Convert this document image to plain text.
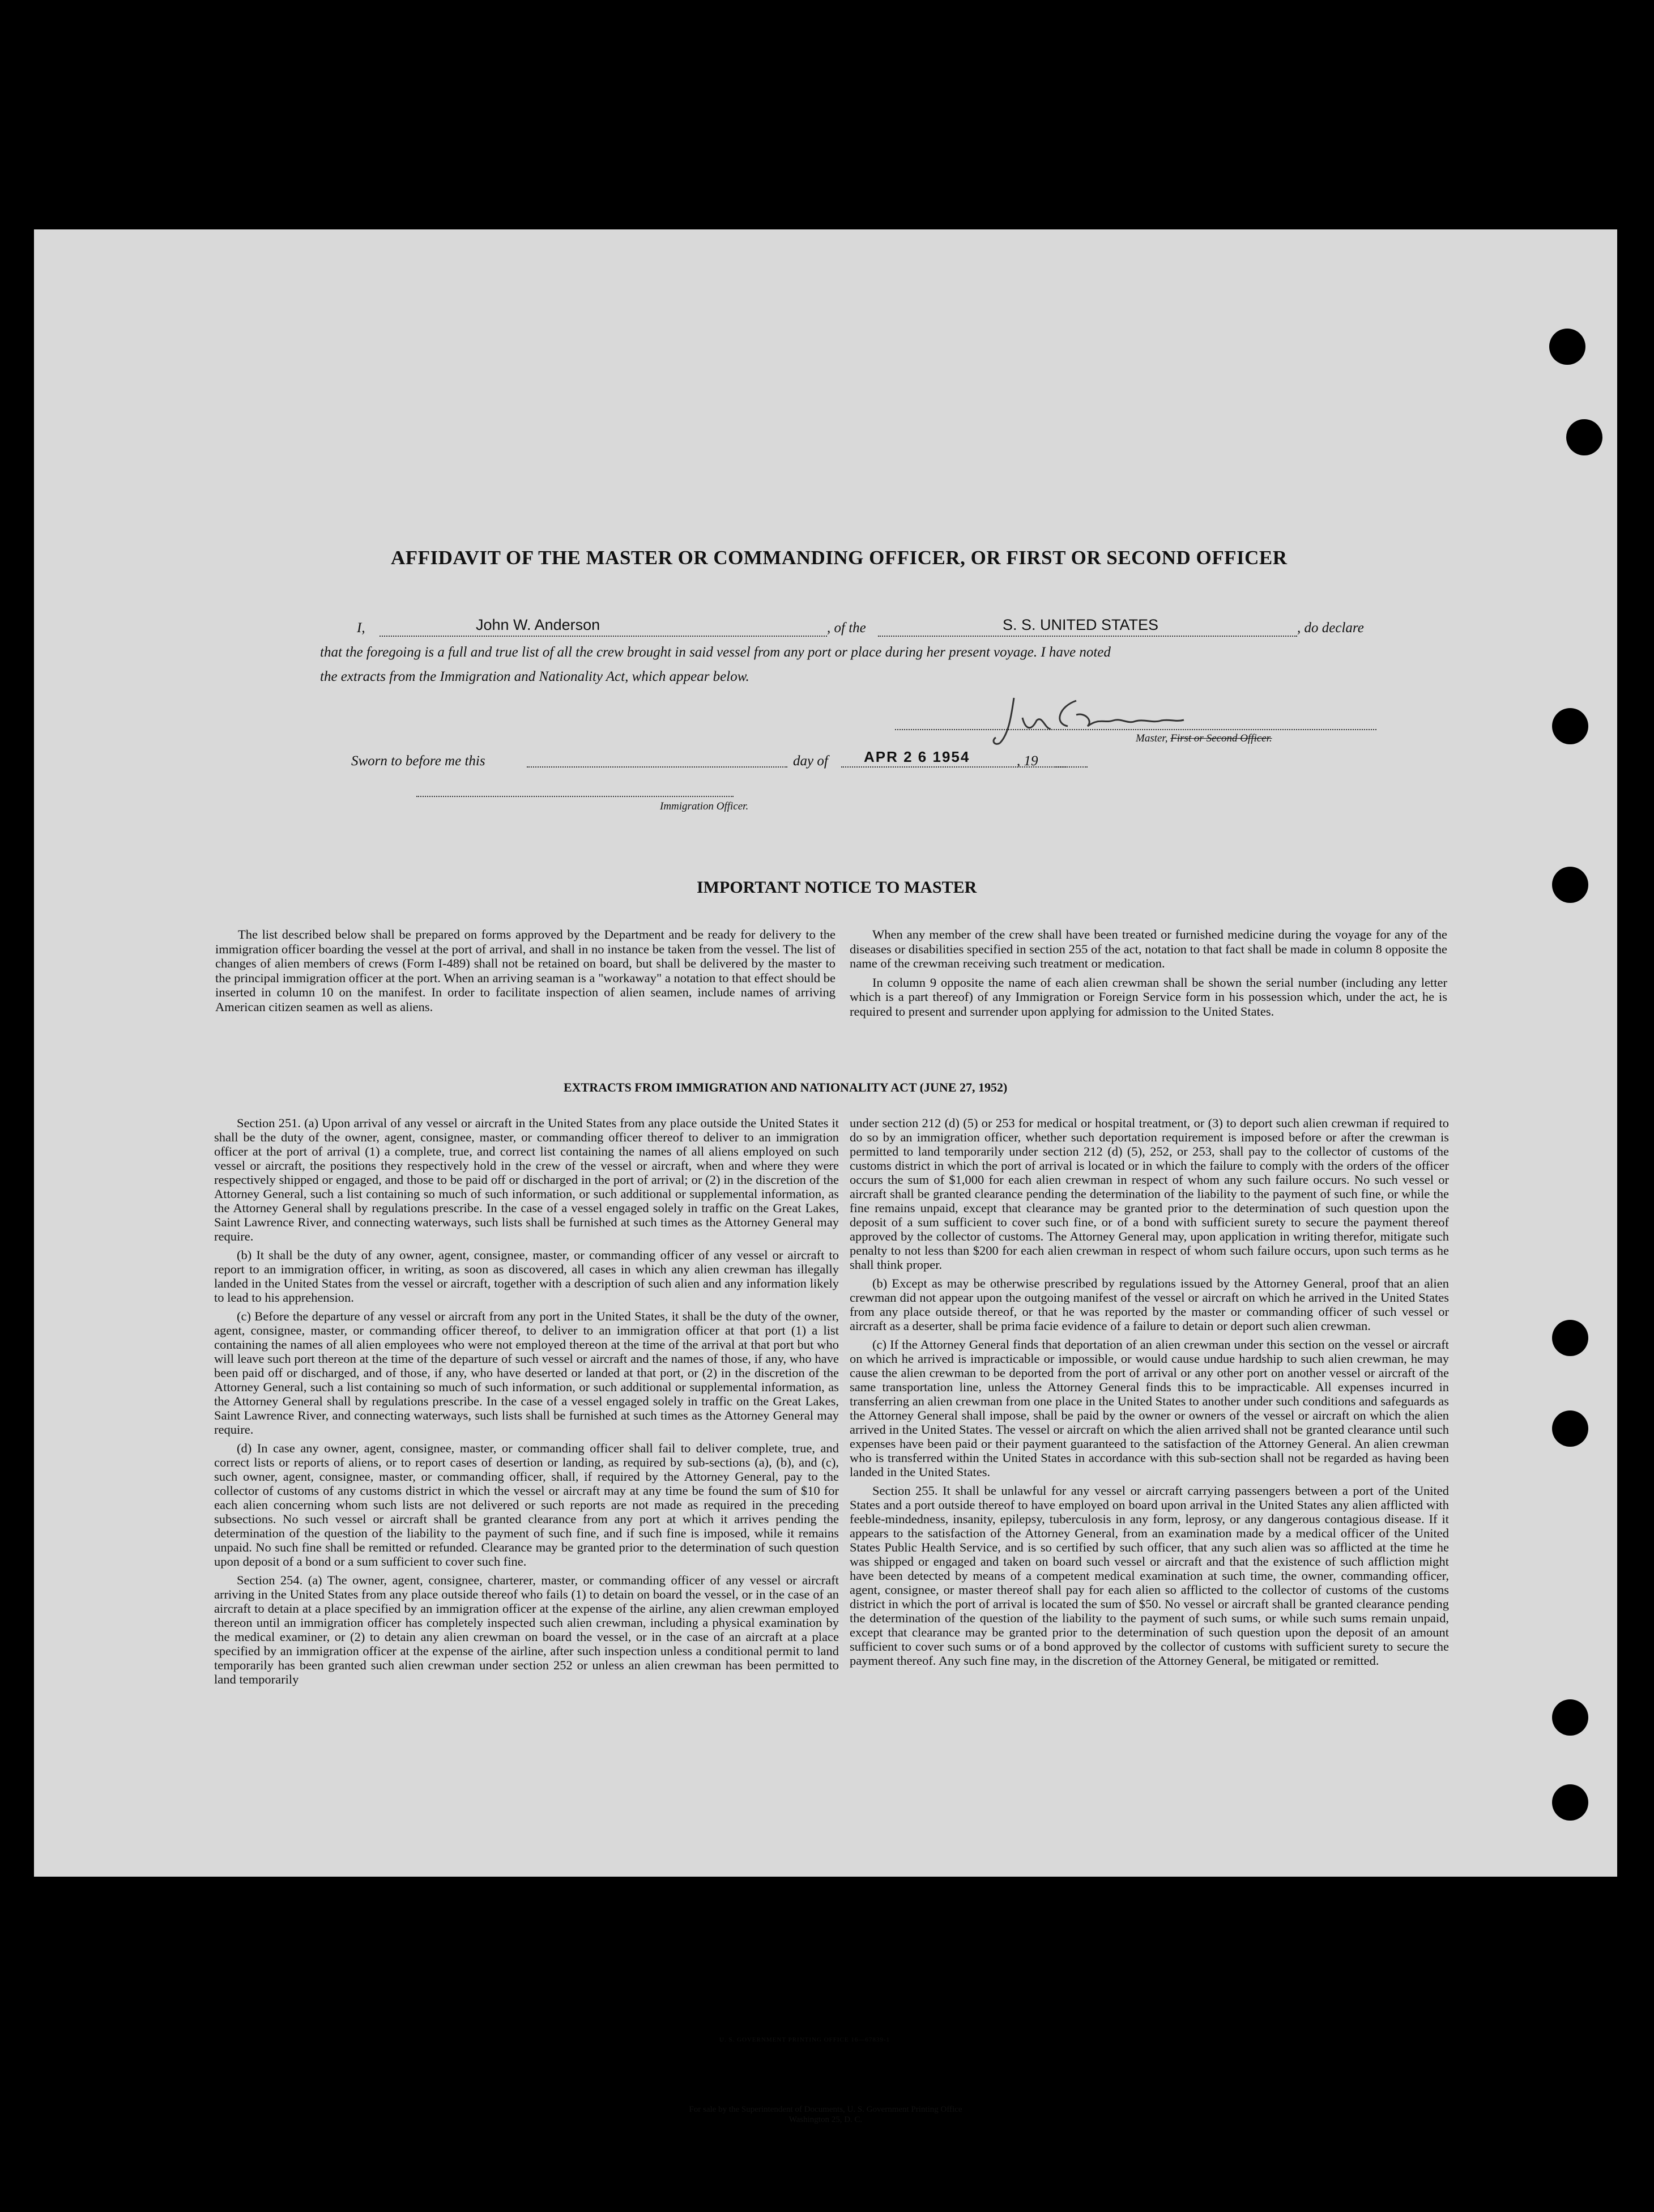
AFFIDAVIT OF THE MASTER OR COMMANDING OFFICER, OR FIRST OR SECOND OFFICER
I,	John W. Anderson	, of the	S. S. UNITED STATES	, do declare
that the foregoing is a full and true list of all the crew brought in said vessel from any port or place during her present voyage. I have noted
the extracts from the Immigration and Nationality Act, which appear below.
Master, First or Second Officer.
Sworn to before me this	day of APR 2 6 1954	, 19
Immigration Officer.
IMPORTANT NOTICE TO MASTER

The list described below shall be prepared on forms approved by the Department and be ready for delivery to the immigration officer boarding the vessel at the port of arrival, and shall in no instance be taken from the vessel. The list of changes of alien members of crews (Form I-489) shall not be retained on board, but shall be delivered by the master to the principal immigration officer at the port. When an arriving seaman is a "workaway" a notation to that effect should be inserted in column 10 on the manifest. In order to facilitate inspection of alien seamen, include names of arriving American citizen seamen as well as aliens.

When any member of the crew shall have been treated or furnished medicine during the voyage for any of the diseases or disabilities specified in section 255 of the act, notation to that fact shall be made in column 8 opposite the name of the crewman receiving such treatment or medication.

In column 9 opposite the name of each alien crewman shall be shown the serial number (including any letter which is a part thereof) of any Immigration or Foreign Service form in his possession which, under the act, he is required to present and surrender upon applying for admission to the United States.

EXTRACTS FROM IMMIGRATION AND NATIONALITY ACT (JUNE 27, 1952)

Section 251. (a) Upon arrival of any vessel or aircraft in the United States from any place outside the United States it shall be the duty of the owner, agent, consignee, master, or commanding officer thereof to deliver to an immigration officer at the port of arrival (1) a complete, true, and correct list containing the names of all aliens employed on such vessel or aircraft, the positions they respectively hold in the crew of the vessel or aircraft, when and where they were respectively shipped or engaged, and those to be paid off or discharged in the port of arrival; or (2) in the discretion of the Attorney General, such a list containing so much of such information, or such additional or supplemental information, as the Attorney General shall by regulations prescribe. In the case of a vessel engaged solely in traffic on the Great Lakes, Saint Lawrence River, and connecting waterways, such lists shall be furnished at such times as the Attorney General may require.

(b) It shall be the duty of any owner, agent, consignee, master, or commanding officer of any vessel or aircraft to report to an immigration officer, in writing, as soon as discovered, all cases in which any alien crewman has illegally landed in the United States from the vessel or aircraft, together with a description of such alien and any information likely to lead to his apprehension.

(c) Before the departure of any vessel or aircraft from any port in the United States, it shall be the duty of the owner, agent, consignee, master, or commanding officer thereof, to deliver to an immigration officer at that port (1) a list containing the names of all alien employees who were not employed thereon at the time of the arrival at that port but who will leave such port thereon at the time of the departure of such vessel or aircraft and the names of those, if any, who have been paid off or discharged, and of those, if any, who have deserted or landed at that port, or (2) in the discretion of the Attorney General, such a list containing so much of such information, or such additional or supplemental information, as the Attorney General shall by regulations prescribe. In the case of a vessel engaged solely in traffic on the Great Lakes, Saint Lawrence River, and connecting waterways, such lists shall be furnished at such times as the Attorney General may require.

(d) In case any owner, agent, consignee, master, or commanding officer shall fail to deliver complete, true, and correct lists or reports of aliens, or to report cases of desertion or landing, as required by sub-sections (a), (b), and (c), such owner, agent, consignee, master, or commanding officer, shall, if required by the Attorney General, pay to the collector of customs of any customs district in which the vessel or aircraft may at any time be found the sum of $10 for each alien concerning whom such lists are not delivered or such reports are not made as required in the preceding subsections. No such vessel or aircraft shall be granted clearance from any port at which it arrives pending the determination of the question of the liability to the payment of such fine, and if such fine is imposed, while it remains unpaid. No such fine shall be remitted or refunded. Clearance may be granted prior to the determination of such question upon deposit of a bond or a sum sufficient to cover such fine.

Section 254. (a) The owner, agent, consignee, charterer, master, or commanding officer of any vessel or aircraft arriving in the United States from any place outside thereof who fails (1) to detain on board the vessel, or in the case of an aircraft to detain at a place specified by an immigration officer at the expense of the airline, any alien crewman employed thereon until an immigration officer has completely inspected such alien crewman, including a physical examination by the medical examiner, or (2) to detain any alien crewman on board the vessel, or in the case of an aircraft at a place specified by an immigration officer at the expense of the airline, after such inspection unless a conditional permit to land temporarily has been granted such alien crewman under section 252 or unless an alien crewman has been permitted to land temporarily

under section 212 (d) (5) or 253 for medical or hospital treatment, or (3) to deport such alien crewman if required to do so by an immigration officer, whether such deportation requirement is imposed before or after the crewman is permitted to land temporarily under section 212 (d) (5), 252, or 253, shall pay to the collector of customs of the customs district in which the port of arrival is located or in which the failure to comply with the orders of the officer occurs the sum of $1,000 for each alien crewman in respect of whom any such failure occurs. No such vessel or aircraft shall be granted clearance pending the determination of the liability to the payment of such fine, or while the fine remains unpaid, except that clearance may be granted prior to the determination of such question upon the deposit of a sum sufficient to cover such fine, or of a bond with sufficient surety to secure the payment thereof approved by the collector of customs. The Attorney General may, upon application in writing therefor, mitigate such penalty to not less than $200 for each alien crewman in respect of whom such failure occurs, upon such terms as he shall think proper.

(b) Except as may be otherwise prescribed by regulations issued by the Attorney General, proof that an alien crewman did not appear upon the outgoing manifest of the vessel or aircraft on which he arrived in the United States from any place outside thereof, or that he was reported by the master or commanding officer of such vessel or aircraft as a deserter, shall be prima facie evidence of a failure to detain or deport such alien crewman.

(c) If the Attorney General finds that deportation of an alien crewman under this section on the vessel or aircraft on which he arrived is impracticable or impossible, or would cause undue hardship to such alien crewman, he may cause the alien crewman to be deported from the port of arrival or any other port on another vessel or aircraft of the same transportation line, unless the Attorney General finds this to be impracticable. All expenses incurred in transferring an alien crewman from one place in the United States to another under such conditions and safeguards as the Attorney General shall impose, shall be paid by the owner or owners of the vessel or aircraft on which the alien arrived in the United States. The vessel or aircraft on which the alien arrived shall not be granted clearance until such expenses have been paid or their payment guaranteed to the satisfaction of the Attorney General. An alien crewman who is transferred within the United States in accordance with this sub-section shall not be regarded as having been landed in the United States.

Section 255. It shall be unlawful for any vessel or aircraft carrying passengers between a port of the United States and a port outside thereof to have employed on board upon arrival in the United States any alien afflicted with feeble-mindedness, insanity, epilepsy, tuberculosis in any form, leprosy, or any dangerous contagious disease. If it appears to the satisfaction of the Attorney General, from an examination made by a medical officer of the United States Public Health Service, and is so certified by such officer, that any such alien was so afflicted at the time he was shipped or engaged and taken on board such vessel or aircraft and that the existence of such affliction might have been detected by means of a competent medical examination at such time, the owner, commanding officer, agent, consignee, or master thereof shall pay for each alien so afflicted to the collector of customs of the customs district in which the port of arrival is located the sum of $50. No vessel or aircraft shall be granted clearance pending the determination of the question of the liability to the payment of such sums, or while such sums remain unpaid, except that clearance may be granted prior to the determination of such question upon the deposit of an amount sufficient to cover such sums or of a bond approved by the collector of customs with sufficient surety to secure the payment thereof. Any such fine may, in the discretion of the Attorney General, be mitigated or remitted.

U. S. GOVERNMENT PRINTING OFFICE 16—67839-1
For sale by the Superintendent of Documents, U. S. Government Printing Office
Washington 25, D. C.
